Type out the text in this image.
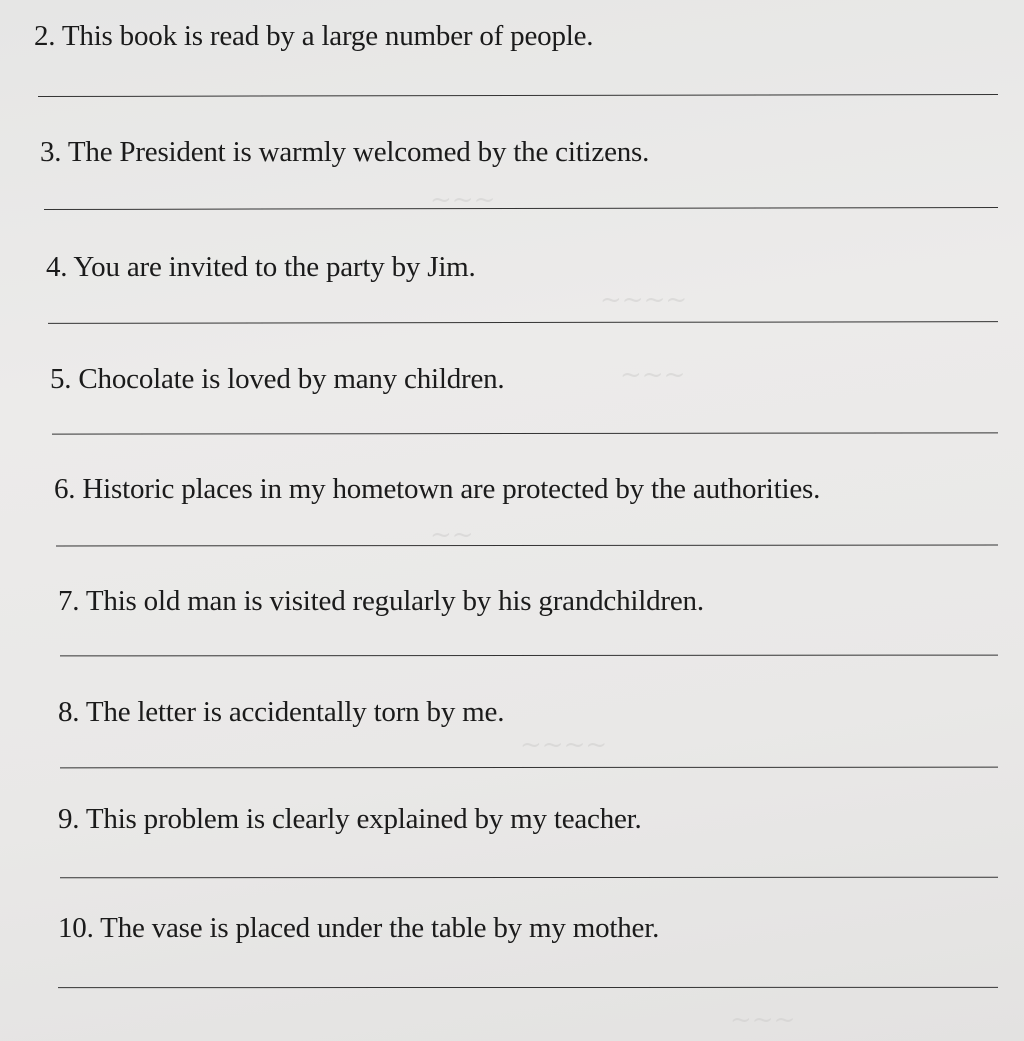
~~~
~~~~
~~~
~~
~~~~
~~~
2. This book is read by a large number of people.
3. The President is warmly welcomed by the citizens.
4. You are invited to the party by Jim.
5. Chocolate is loved by many children.
6. Historic places in my hometown are protected by the authorities.
7. This old man is visited regularly by his grandchildren.
8. The letter is accidentally torn by me.
9. This problem is clearly explained by my teacher.
10. The vase is placed under the table by my mother.
